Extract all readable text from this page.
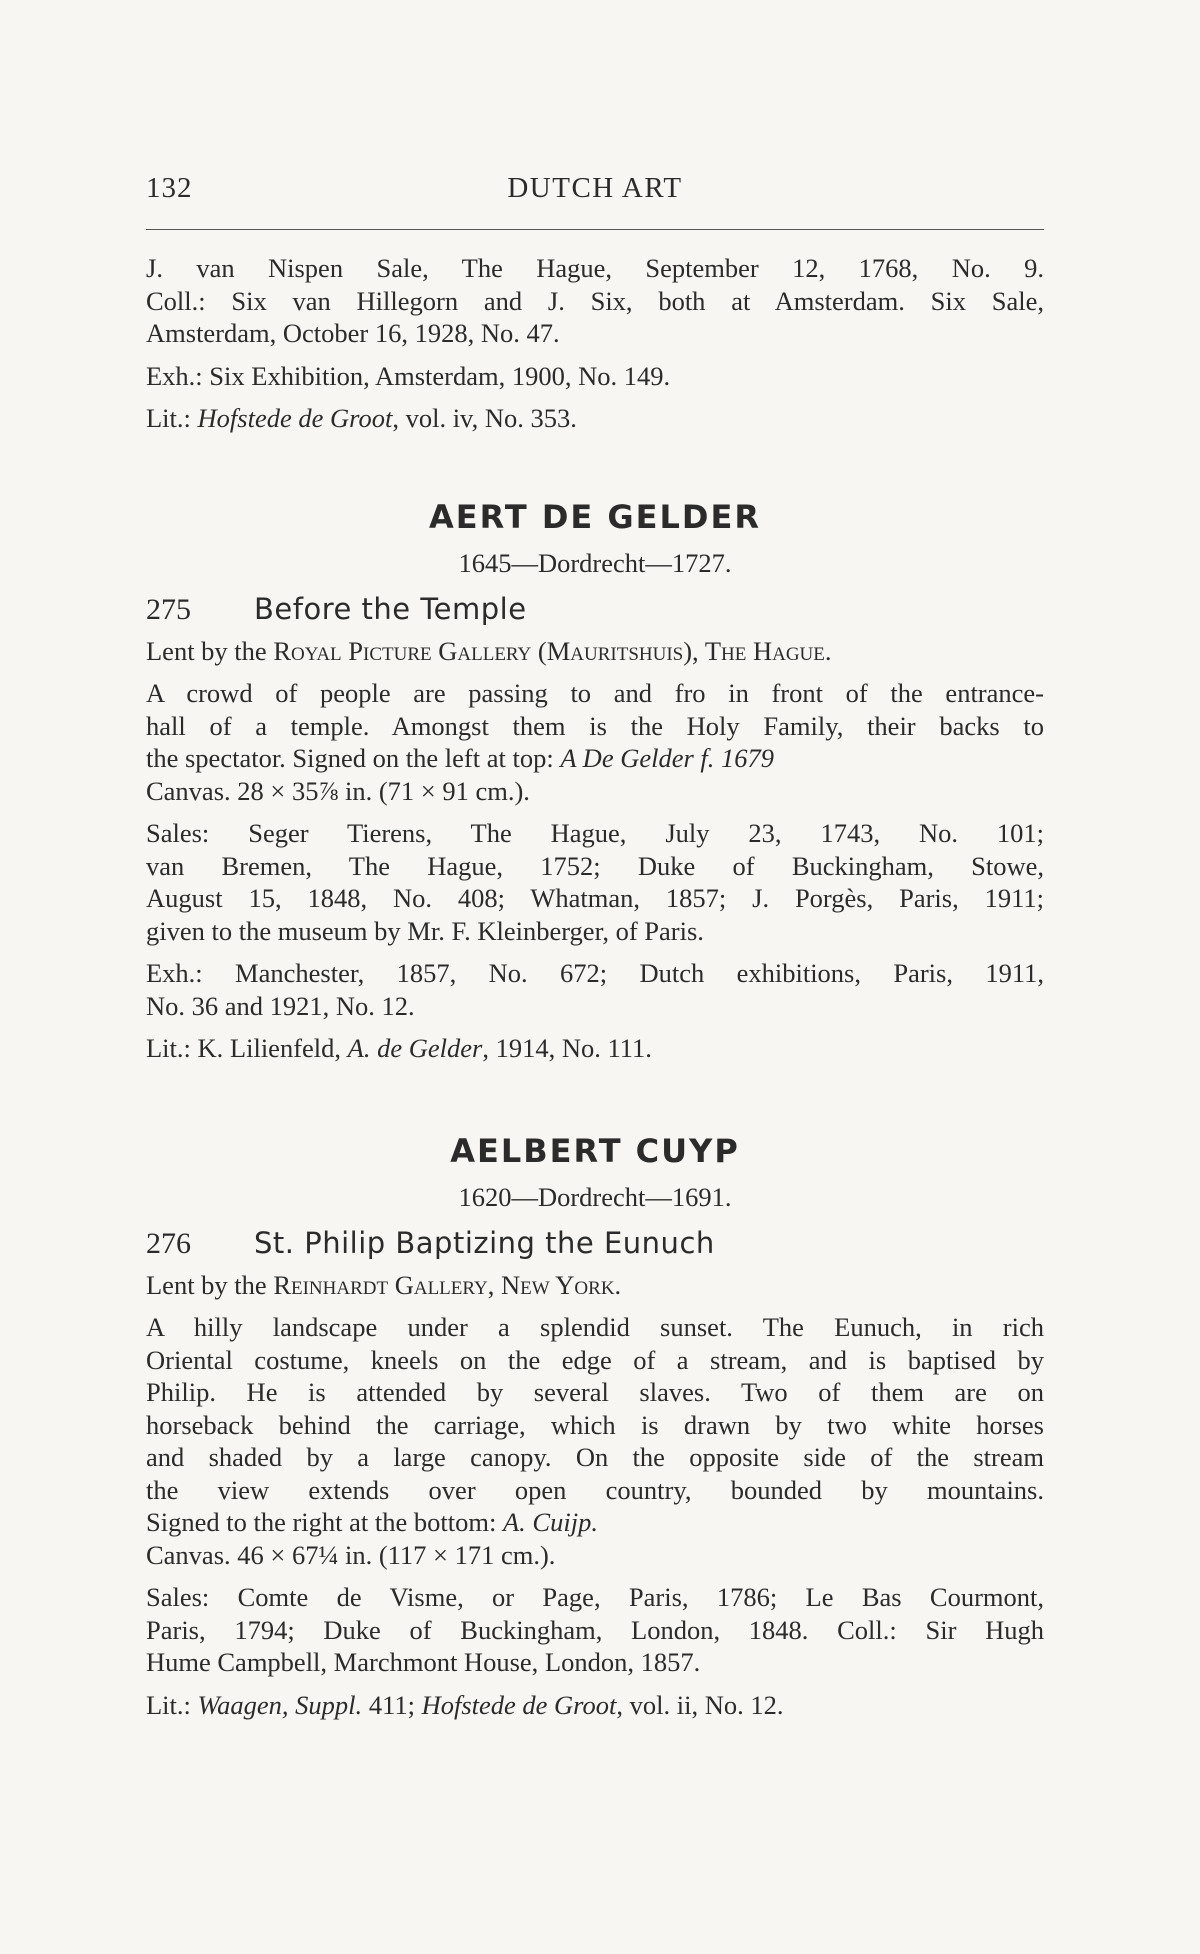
132	DUTCH ART

J. van Nispen Sale, The Hague, September 12, 1768, No. 9.
Coll.: Six van Hillegorn and J. Six, both at Amsterdam. Six Sale,
Amsterdam, October 16, 1928, No. 47.

Exh.: Six Exhibition, Amsterdam, 1900, No. 149.

Lit.: Hofstede de Groot, vol. iv, No. 353.

AERT DE GELDER

1645—Dordrecht—1727.

275	Before the Temple

Lent by the Royal Picture Gallery (Mauritshuis), The Hague.

A crowd of people are passing to and fro in front of the entrance-
hall of a temple. Amongst them is the Holy Family, their backs to
the spectator. Signed on the left at top: A De Gelder f. 1679
Canvas. 28 × 35⅞ in. (71 × 91 cm.).

Sales: Seger Tierens, The Hague, July 23, 1743, No. 101;
van Bremen, The Hague, 1752; Duke of Buckingham, Stowe,
August 15, 1848, No. 408; Whatman, 1857; J. Porgès, Paris, 1911;
given to the museum by Mr. F. Kleinberger, of Paris.

Exh.: Manchester, 1857, No. 672; Dutch exhibitions, Paris, 1911,
No. 36 and 1921, No. 12.

Lit.: K. Lilienfeld, A. de Gelder, 1914, No. 111.

AELBERT CUYP

1620—Dordrecht—1691.

276	St. Philip Baptizing the Eunuch

Lent by the Reinhardt Gallery, New York.

A hilly landscape under a splendid sunset. The Eunuch, in rich
Oriental costume, kneels on the edge of a stream, and is baptised by
Philip. He is attended by several slaves. Two of them are on
horseback behind the carriage, which is drawn by two white horses
and shaded by a large canopy. On the opposite side of the stream
the view extends over open country, bounded by mountains.
Signed to the right at the bottom: A. Cuijp.
Canvas. 46 × 67¼ in. (117 × 171 cm.).

Sales: Comte de Visme, or Page, Paris, 1786; Le Bas Courmont,
Paris, 1794; Duke of Buckingham, London, 1848. Coll.: Sir Hugh
Hume Campbell, Marchmont House, London, 1857.

Lit.: Waagen, Suppl. 411; Hofstede de Groot, vol. ii, No. 12.
